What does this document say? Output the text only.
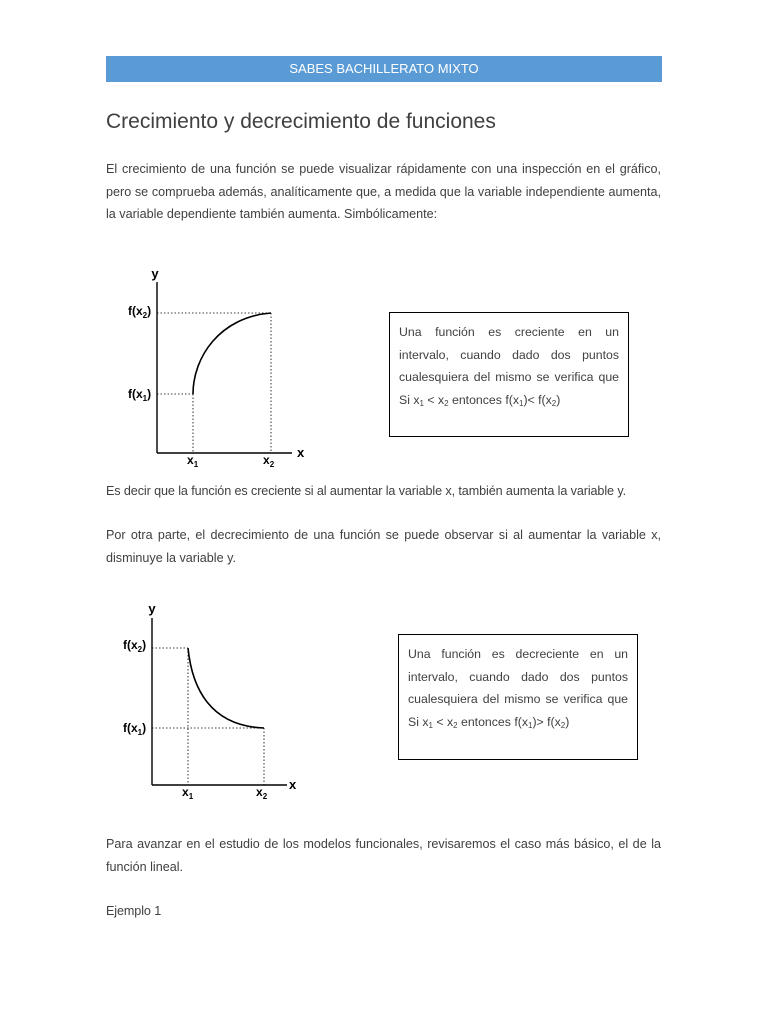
SABES BACHILLERATO MIXTO
Crecimiento y decrecimiento de funciones

El crecimiento de una función se puede visualizar rápidamente con una inspección en el gráfico, pero se comprueba además, analíticamente que, a medida que la variable independiente aumenta, la variable dependiente también aumenta. Simbólicamente:

y
x
$f(x_2)$
$f(x_1)$
$x_1$	$x_2$
Una función es creciente en un intervalo, cuando dado dos puntos cualesquiera del mismo se verifica que Si $x_1 < x_2$ entonces $f(x_1)< f(x_2)$

Es decir que la función es creciente si al aumentar la variable x, también aumenta la variable y.

Por otra parte, el decrecimiento de una función se puede observar si al aumentar la variable x, disminuye la variable y.

y
x
$f(x_2)$
$f(x_1)$
$x_1$	$x_2$
Una función es decreciente en un intervalo, cuando dado dos puntos cualesquiera del mismo se verifica que Si $x_1 < x_2$ entonces $f(x_1)> f(x_2)$

Para avanzar en el estudio de los modelos funcionales, revisaremos el caso más básico, el de la función lineal.

Ejemplo 1
